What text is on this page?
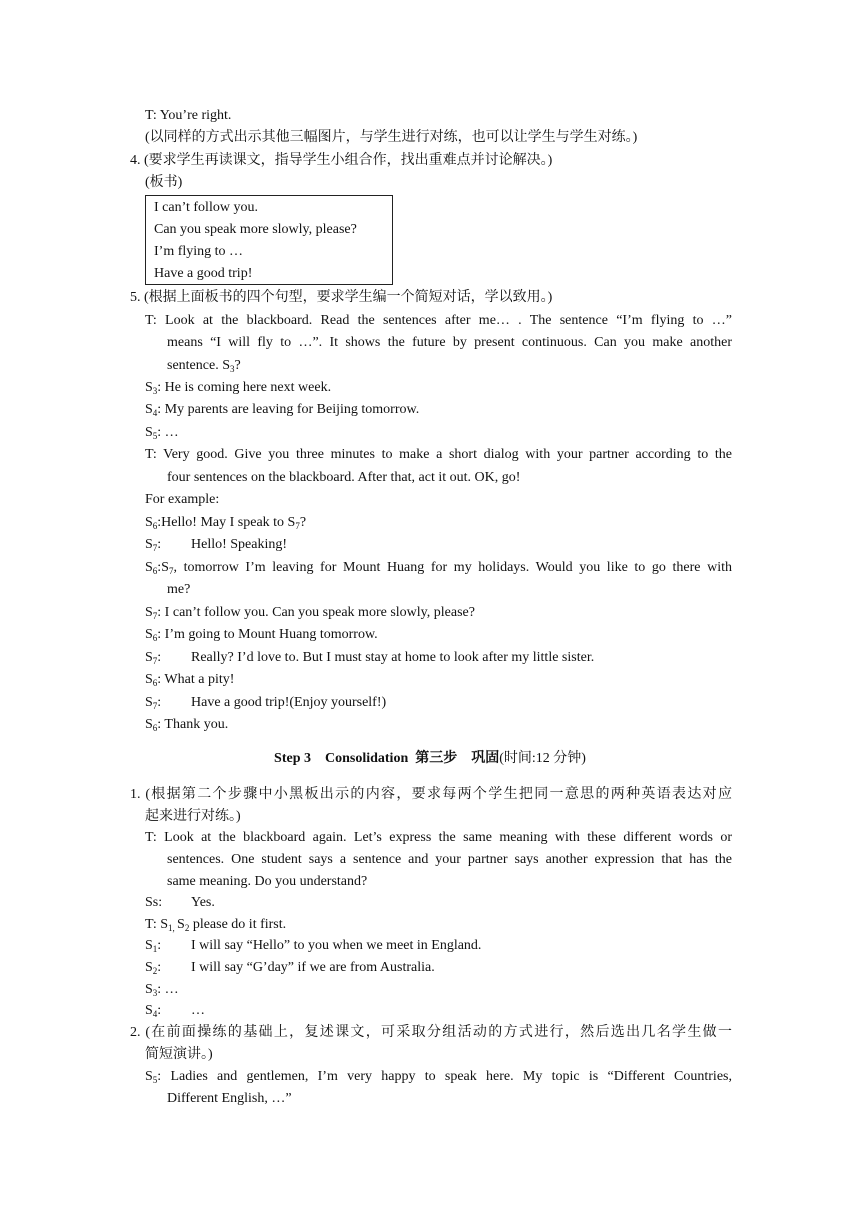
T: You’re right.
(以同样的方式出示其他三幅图片，与学生进行对练，也可以让学生与学生对练。)
4. (要求学生再读课文，指导学生小组合作，找出重难点并讨论解决。)
(板书)
I can’t follow you.
Can you speak more slowly, please?
I’m flying to …
Have a good trip!
5. (根据上面板书的四个句型，要求学生编一个简短对话，学以致用。)
T: Look at the blackboard. Read the sentences after me… . The sentence “I’m flying to …”
means “I will fly to …”. It shows the future by present continuous. Can you make another
sentence. $S_3$?
$S_3$: He is coming here next week.
$S_4$: My parents are leaving for Beijing tomorrow.
$S_5$: …
T: Very good. Give you three minutes to make a short dialog with your partner according to the
four sentences on the blackboard. After that, act it out. OK, go!
For example:
$S_6:Hello$! May I speak to $S_7$?
$S_7$: Hello! Speaking!
$S_6:S_7$, tomorrow I’m leaving for Mount Huang for my holidays. Would you like to go there with
me?
$S_7$: I can’t follow you. Can you speak more slowly, please?
$S_6$: I’m going to Mount Huang tomorrow.
$S_7$: Really? I’d love to. But I must stay at home to look after my little sister.
$S_6$: What a pity!
$S_7$: Have a good trip!(Enjoy yourself!)
$S_6$: Thank you.
Step 3    Consolidation  第三步    巩固(时间:12 分钟)
1. (根据第二个步骤中小黑板出示的内容，要求每两个学生把同一意思的两种英语表达对应
起来进行对练。)
T: Look at the blackboard again. Let’s express the same meaning with these different words or
sentences. One student says a sentence and your partner says another expression that has the
same meaning. Do you understand?
Ss: Yes.
T: $S_{1,}$ $S_2$ please do it first.
$S_1$: I will say “Hello” to you when we meet in England.
$S_2$: I will say “G’day” if we are from Australia.
$S_3$: …
$S_4$: …
2. (在前面操练的基础上，复述课文，可采取分组活动的方式进行，然后选出几名学生做一
简短演讲。)
$S_5$: Ladies and gentlemen, I’m very happy to speak here. My topic is “Different Countries,
Different English, …”
